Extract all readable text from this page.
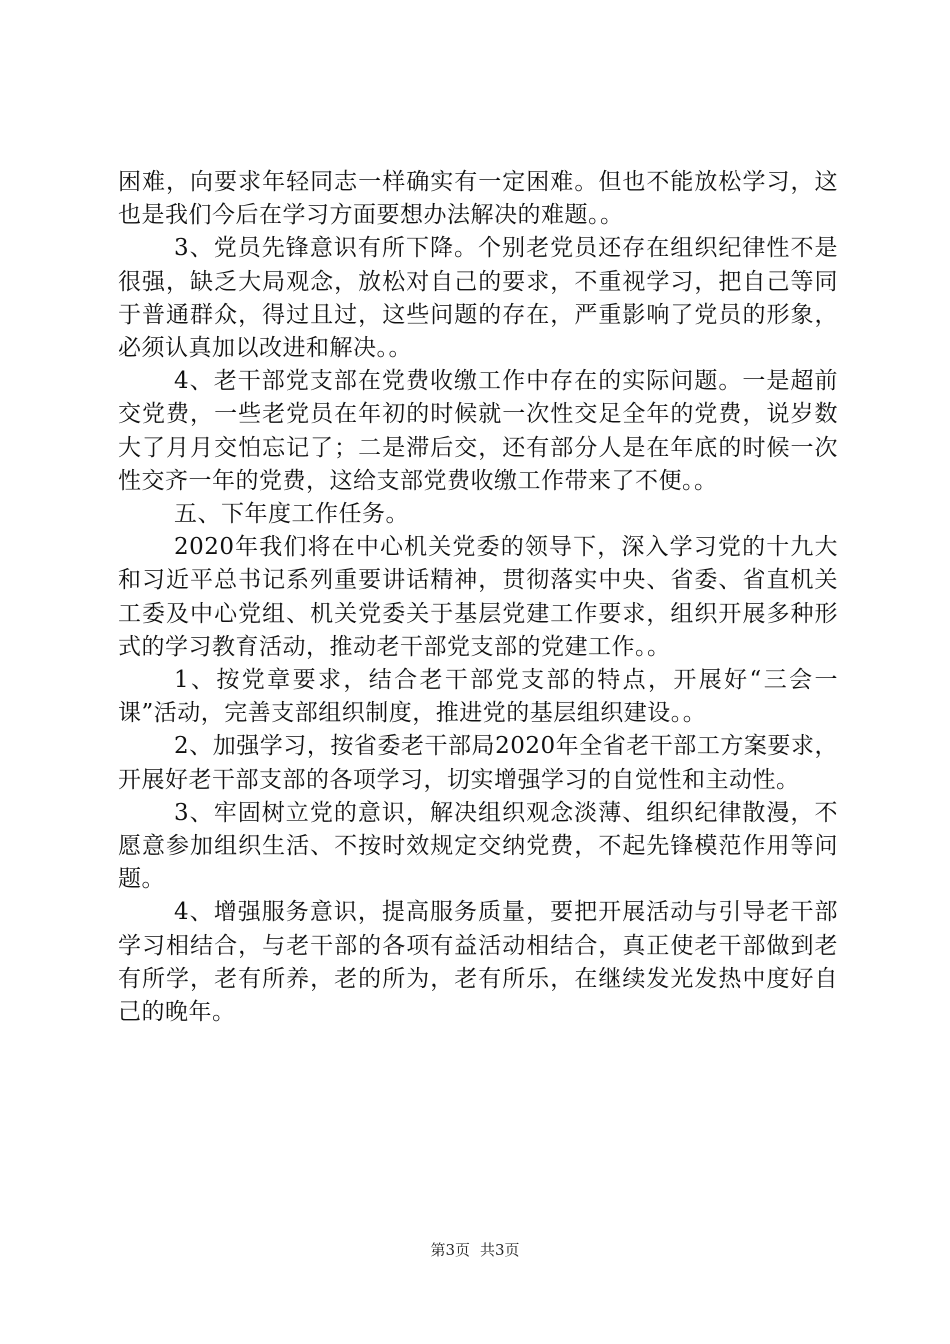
困难，向要求年轻同志一样确实有一定困难。但也不能放松学习，这也是我们今后在学习方面要想办法解决的难题。。

3、党员先锋意识有所下降。个别老党员还存在组织纪律性不是很强，缺乏大局观念，放松对自己的要求，不重视学习，把自己等同于普通群众，得过且过，这些问题的存在，严重影响了党员的形象，必须认真加以改进和解决。。

4、老干部党支部在党费收缴工作中存在的实际问题。一是超前交党费，一些老党员在年初的时候就一次性交足全年的党费，说岁数大了月月交怕忘记了；二是滞后交，还有部分人是在年底的时候一次性交齐一年的党费，这给支部党费收缴工作带来了不便。。

五、下年度工作任务。

2020年我们将在中心机关党委的领导下，深入学习党的十九大和习近平总书记系列重要讲话精神，贯彻落实中央、省委、省直机关工委及中心党组、机关党委关于基层党建工作要求，组织开展多种形式的学习教育活动，推动老干部党支部的党建工作。。

1、按党章要求，结合老干部党支部的特点，开展好“三会一课”活动，完善支部组织制度，推进党的基层组织建设。。

2、加强学习，按省委老干部局2020年全省老干部工方案要求，开展好老干部支部的各项学习，切实增强学习的自觉性和主动性。

3、牢固树立党的意识，解决组织观念淡薄、组织纪律散漫，不愿意参加组织生活、不按时效规定交纳党费，不起先锋模范作用等问题。

4、增强服务意识，提高服务质量，要把开展活动与引导老干部学习相结合，与老干部的各项有益活动相结合，真正使老干部做到老有所学，老有所养，老的所为，老有所乐，在继续发光发热中度好自己的晚年。

第3页 共3页
